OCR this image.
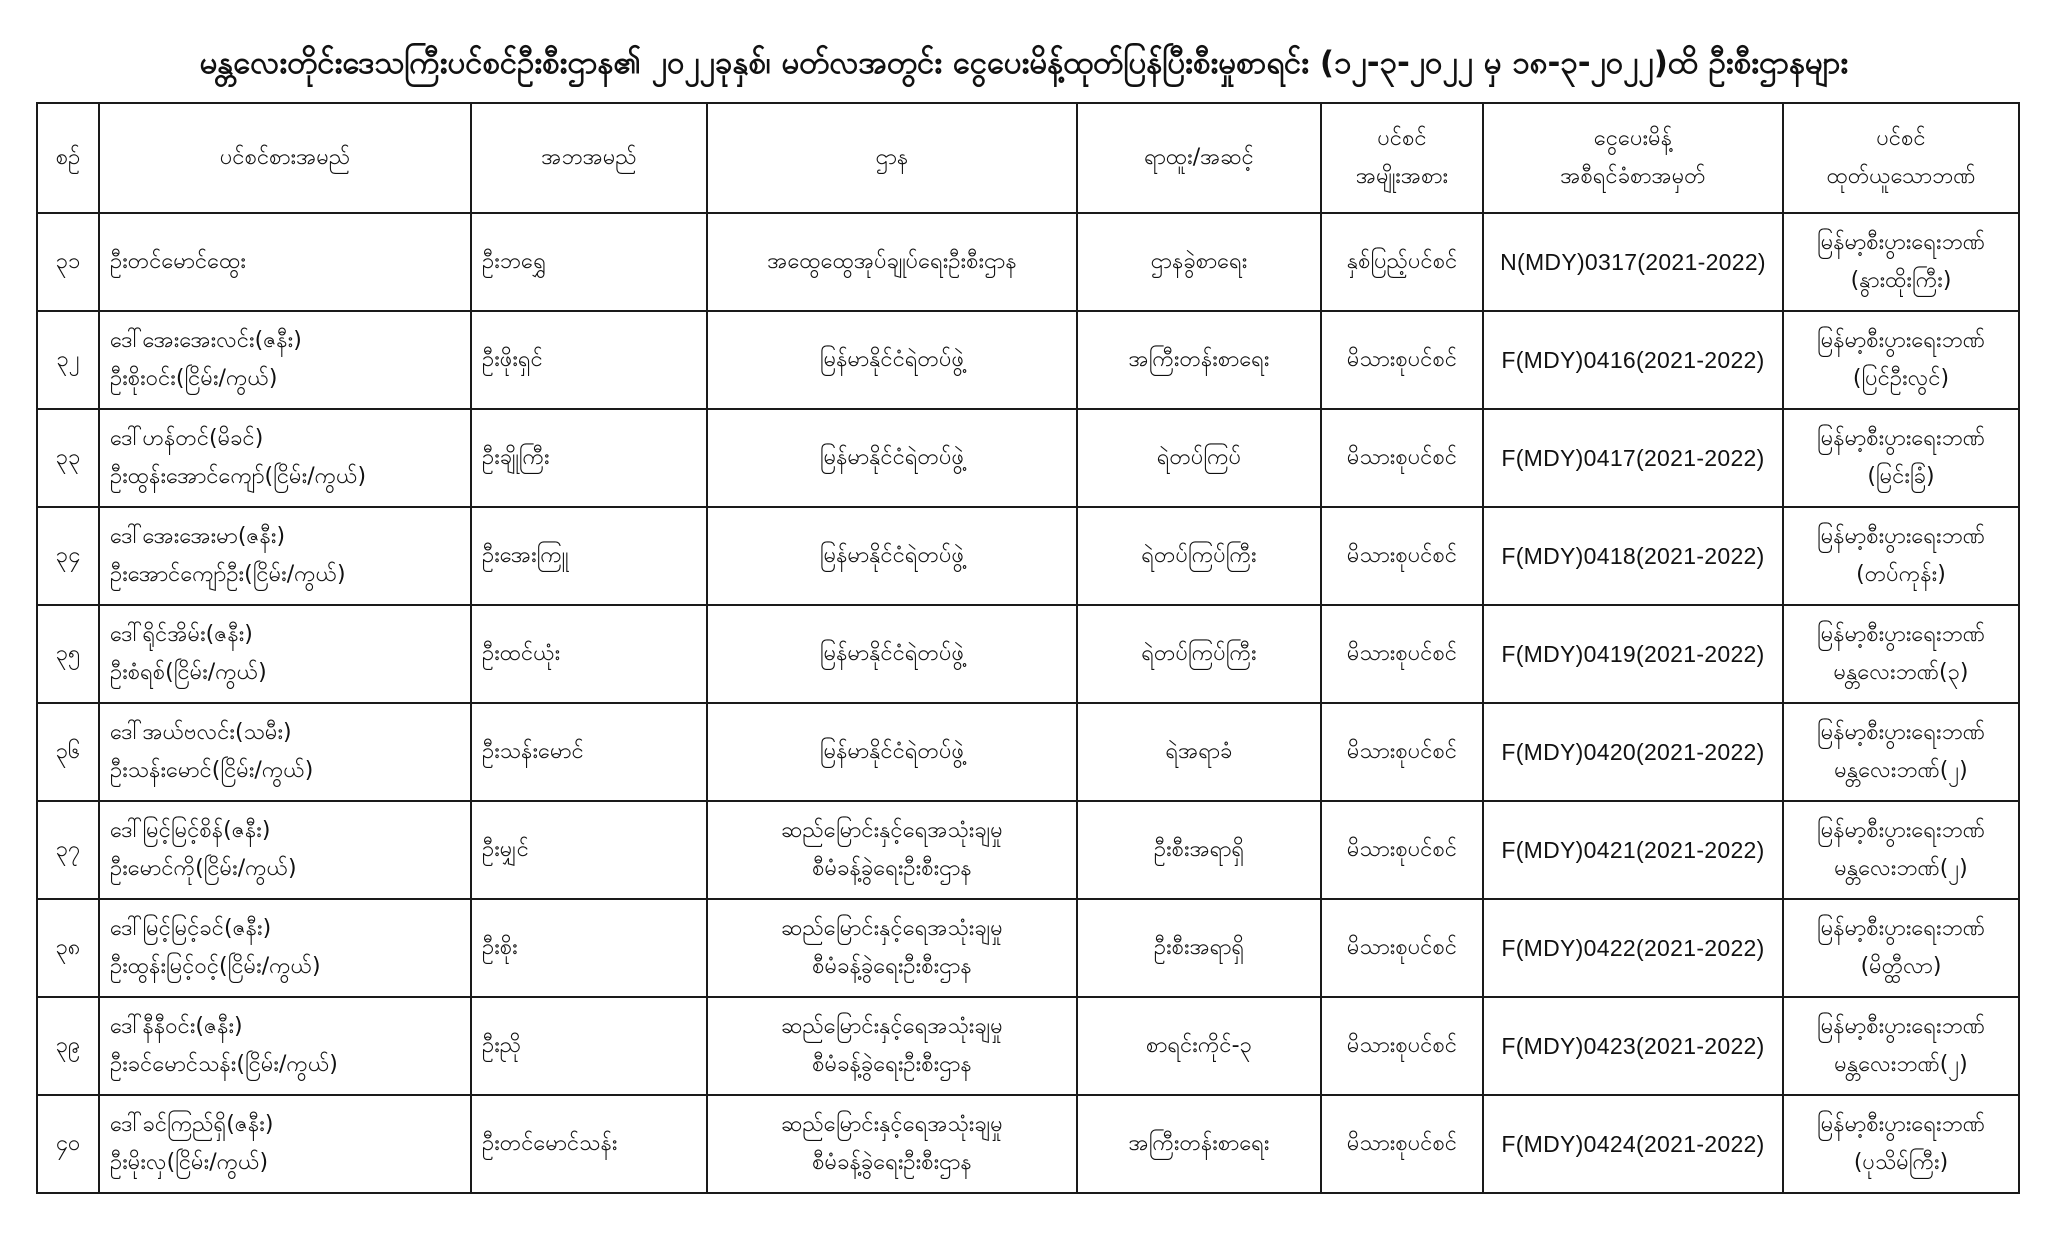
မန္တလေးတိုင်းဒေသကြီးပင်စင်ဦးစီးဌာန၏ ၂၀၂၂ခုနှစ်၊ မတ်လအတွင်း ငွေပေးမိန့်ထုတ်ပြန်ပြီးစီးမှုစာရင်း (၁၂-၃-၂၀၂၂ မှ ၁၈-၃-၂၀၂၂)ထိ ဦးစီးဌာနများ
စဉ်	ပင်စင်စားအမည်	အဘအမည်	ဌာန	ရာထူး/အဆင့်	ပင်စင်
အမျိုးအစား	ငွေပေးမိန့်
အစီရင်ခံစာအမှတ်	ပင်စင်
ထုတ်ယူသောဘဏ်

၃၁	ဦးတင်မောင်ထွေး	ဦးဘရွှေ	အထွေထွေအုပ်ချုပ်ရေးဦးစီးဌာန	ဌာနခွဲစာရေး	နှစ်ပြည့်ပင်စင်	N(MDY)0317(2021-2022)	မြန်မာ့စီးပွားရေးဘဏ်
(နွားထိုးကြီး)

၃၂	ဒေါ်အေးအေးလင်း(ဇနီး)
ဦးစိုးဝင်း(ငြိမ်း/ကွယ်)	ဦးဖိုးရှင်	မြန်မာနိုင်ငံရဲတပ်ဖွဲ့	အကြီးတန်းစာရေး	မိသားစုပင်စင်	F(MDY)0416(2021-2022)	မြန်မာ့စီးပွားရေးဘဏ်
(ပြင်ဦးလွင်)

၃၃	ဒေါ်ဟန်တင်(မိခင်)
ဦးထွန်းအောင်ကျော်(ငြိမ်း/ကွယ်)	ဦးချိုကြီး	မြန်မာနိုင်ငံရဲတပ်ဖွဲ့	ရဲတပ်ကြပ်	မိသားစုပင်စင်	F(MDY)0417(2021-2022)	မြန်မာ့စီးပွားရေးဘဏ်
(မြင်းခြံ)

၃၄	ဒေါ်အေးအေးမာ(ဇနီး)
ဦးအောင်ကျော်ဦး(ငြိမ်း/ကွယ်)	ဦးအေးကြူ	မြန်မာနိုင်ငံရဲတပ်ဖွဲ့	ရဲတပ်ကြပ်ကြီး	မိသားစုပင်စင်	F(MDY)0418(2021-2022)	မြန်မာ့စီးပွားရေးဘဏ်
(တပ်ကုန်း)

၃၅	ဒေါ်ရိုင်အိမ်း(ဇနီး)
ဦးစံရစ်(ငြိမ်း/ကွယ်)	ဦးထင်ယုံး	မြန်မာနိုင်ငံရဲတပ်ဖွဲ့	ရဲတပ်ကြပ်ကြီး	မိသားစုပင်စင်	F(MDY)0419(2021-2022)	မြန်မာ့စီးပွားရေးဘဏ်
မန္တလေးဘဏ်(၃)

၃၆	ဒေါ်အယ်ဗလင်း(သမီး)
ဦးသန်းမောင်(ငြိမ်း/ကွယ်)	ဦးသန်းမောင်	မြန်မာနိုင်ငံရဲတပ်ဖွဲ့	ရဲအရာခံ	မိသားစုပင်စင်	F(MDY)0420(2021-2022)	မြန်မာ့စီးပွားရေးဘဏ်
မန္တလေးဘဏ်(၂)

၃၇	ဒေါ်မြင့်မြင့်စိန်(ဇနီး)
ဦးမောင်ကို(ငြိမ်း/ကွယ်)	ဦးမျှင်	ဆည်မြောင်းနှင့်ရေအသုံးချမှု
စီမံခန့်ခွဲရေးဦးစီးဌာန	ဦးစီးအရာရှိ	မိသားစုပင်စင်	F(MDY)0421(2021-2022)	မြန်မာ့စီးပွားရေးဘဏ်
မန္တလေးဘဏ်(၂)

၃၈	ဒေါ်မြင့်မြင့်ခင်(ဇနီး)
ဦးထွန်းမြင့်ဝင့်(ငြိမ်း/ကွယ်)	ဦးစိုး	ဆည်မြောင်းနှင့်ရေအသုံးချမှု
စီမံခန့်ခွဲရေးဦးစီးဌာန	ဦးစီးအရာရှိ	မိသားစုပင်စင်	F(MDY)0422(2021-2022)	မြန်မာ့စီးပွားရေးဘဏ်
(မိတ္ထီလာ)

၃၉	ဒေါ်နီနီဝင်း(ဇနီး)
ဦးခင်မောင်သန်း(ငြိမ်း/ကွယ်)	ဦးညို	ဆည်မြောင်းနှင့်ရေအသုံးချမှု
စီမံခန့်ခွဲရေးဦးစီးဌာန	စာရင်းကိုင်-၃	မိသားစုပင်စင်	F(MDY)0423(2021-2022)	မြန်မာ့စီးပွားရေးဘဏ်
မန္တလေးဘဏ်(၂)

၄၀	ဒေါ်ခင်ကြည်ရှိ(ဇနီး)
ဦးမိုးလှ(ငြိမ်း/ကွယ်)	ဦးတင်မောင်သန်း	ဆည်မြောင်းနှင့်ရေအသုံးချမှု
စီမံခန့်ခွဲရေးဦးစီးဌာန	အကြီးတန်းစာရေး	မိသားစုပင်စင်	F(MDY)0424(2021-2022)	မြန်မာ့စီးပွားရေးဘဏ်
(ပုသိမ်ကြီး)
